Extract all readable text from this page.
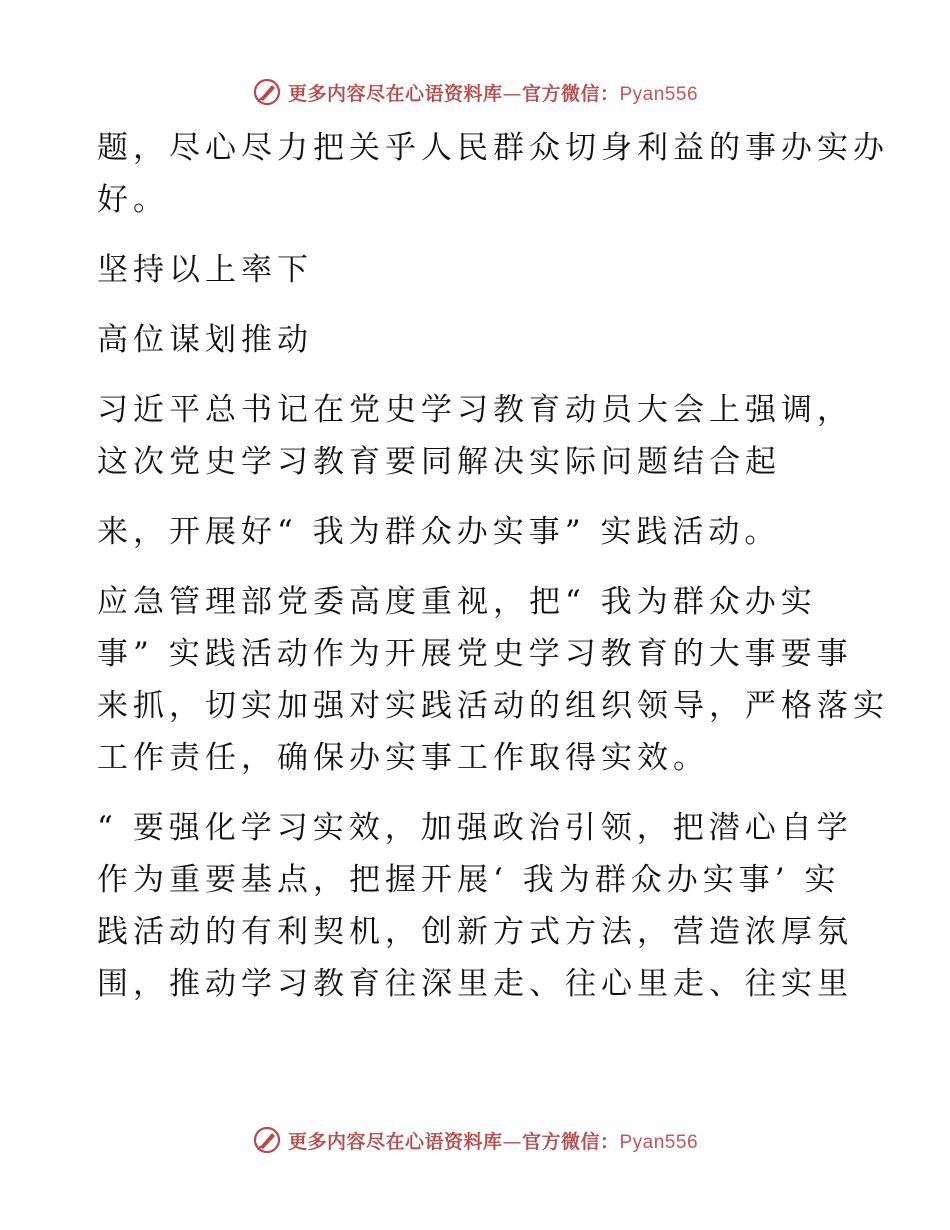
更多内容尽在心语资料库—官方微信：Pyan556

题，尽心尽力把关乎人民群众切身利益的事办实办
好。

坚持以上率下

高位谋划推动

习近平总书记在党史学习教育动员大会上强调，
这次党史学习教育要同解决实际问题结合起

来，开展好“ 我为群众办实事” 实践活动。

应急管理部党委高度重视，把“ 我为群众办实
事” 实践活动作为开展党史学习教育的大事要事
来抓，切实加强对实践活动的组织领导，严格落实
工作责任，确保办实事工作取得实效。

“ 要强化学习实效，加强政治引领，把潜心自学
作为重要基点，把握开展‘ 我为群众办实事’ 实
践活动的有利契机，创新方式方法，营造浓厚氛
围，推动学习教育往深里走、往心里走、往实里

更多内容尽在心语资料库—官方微信：Pyan556
